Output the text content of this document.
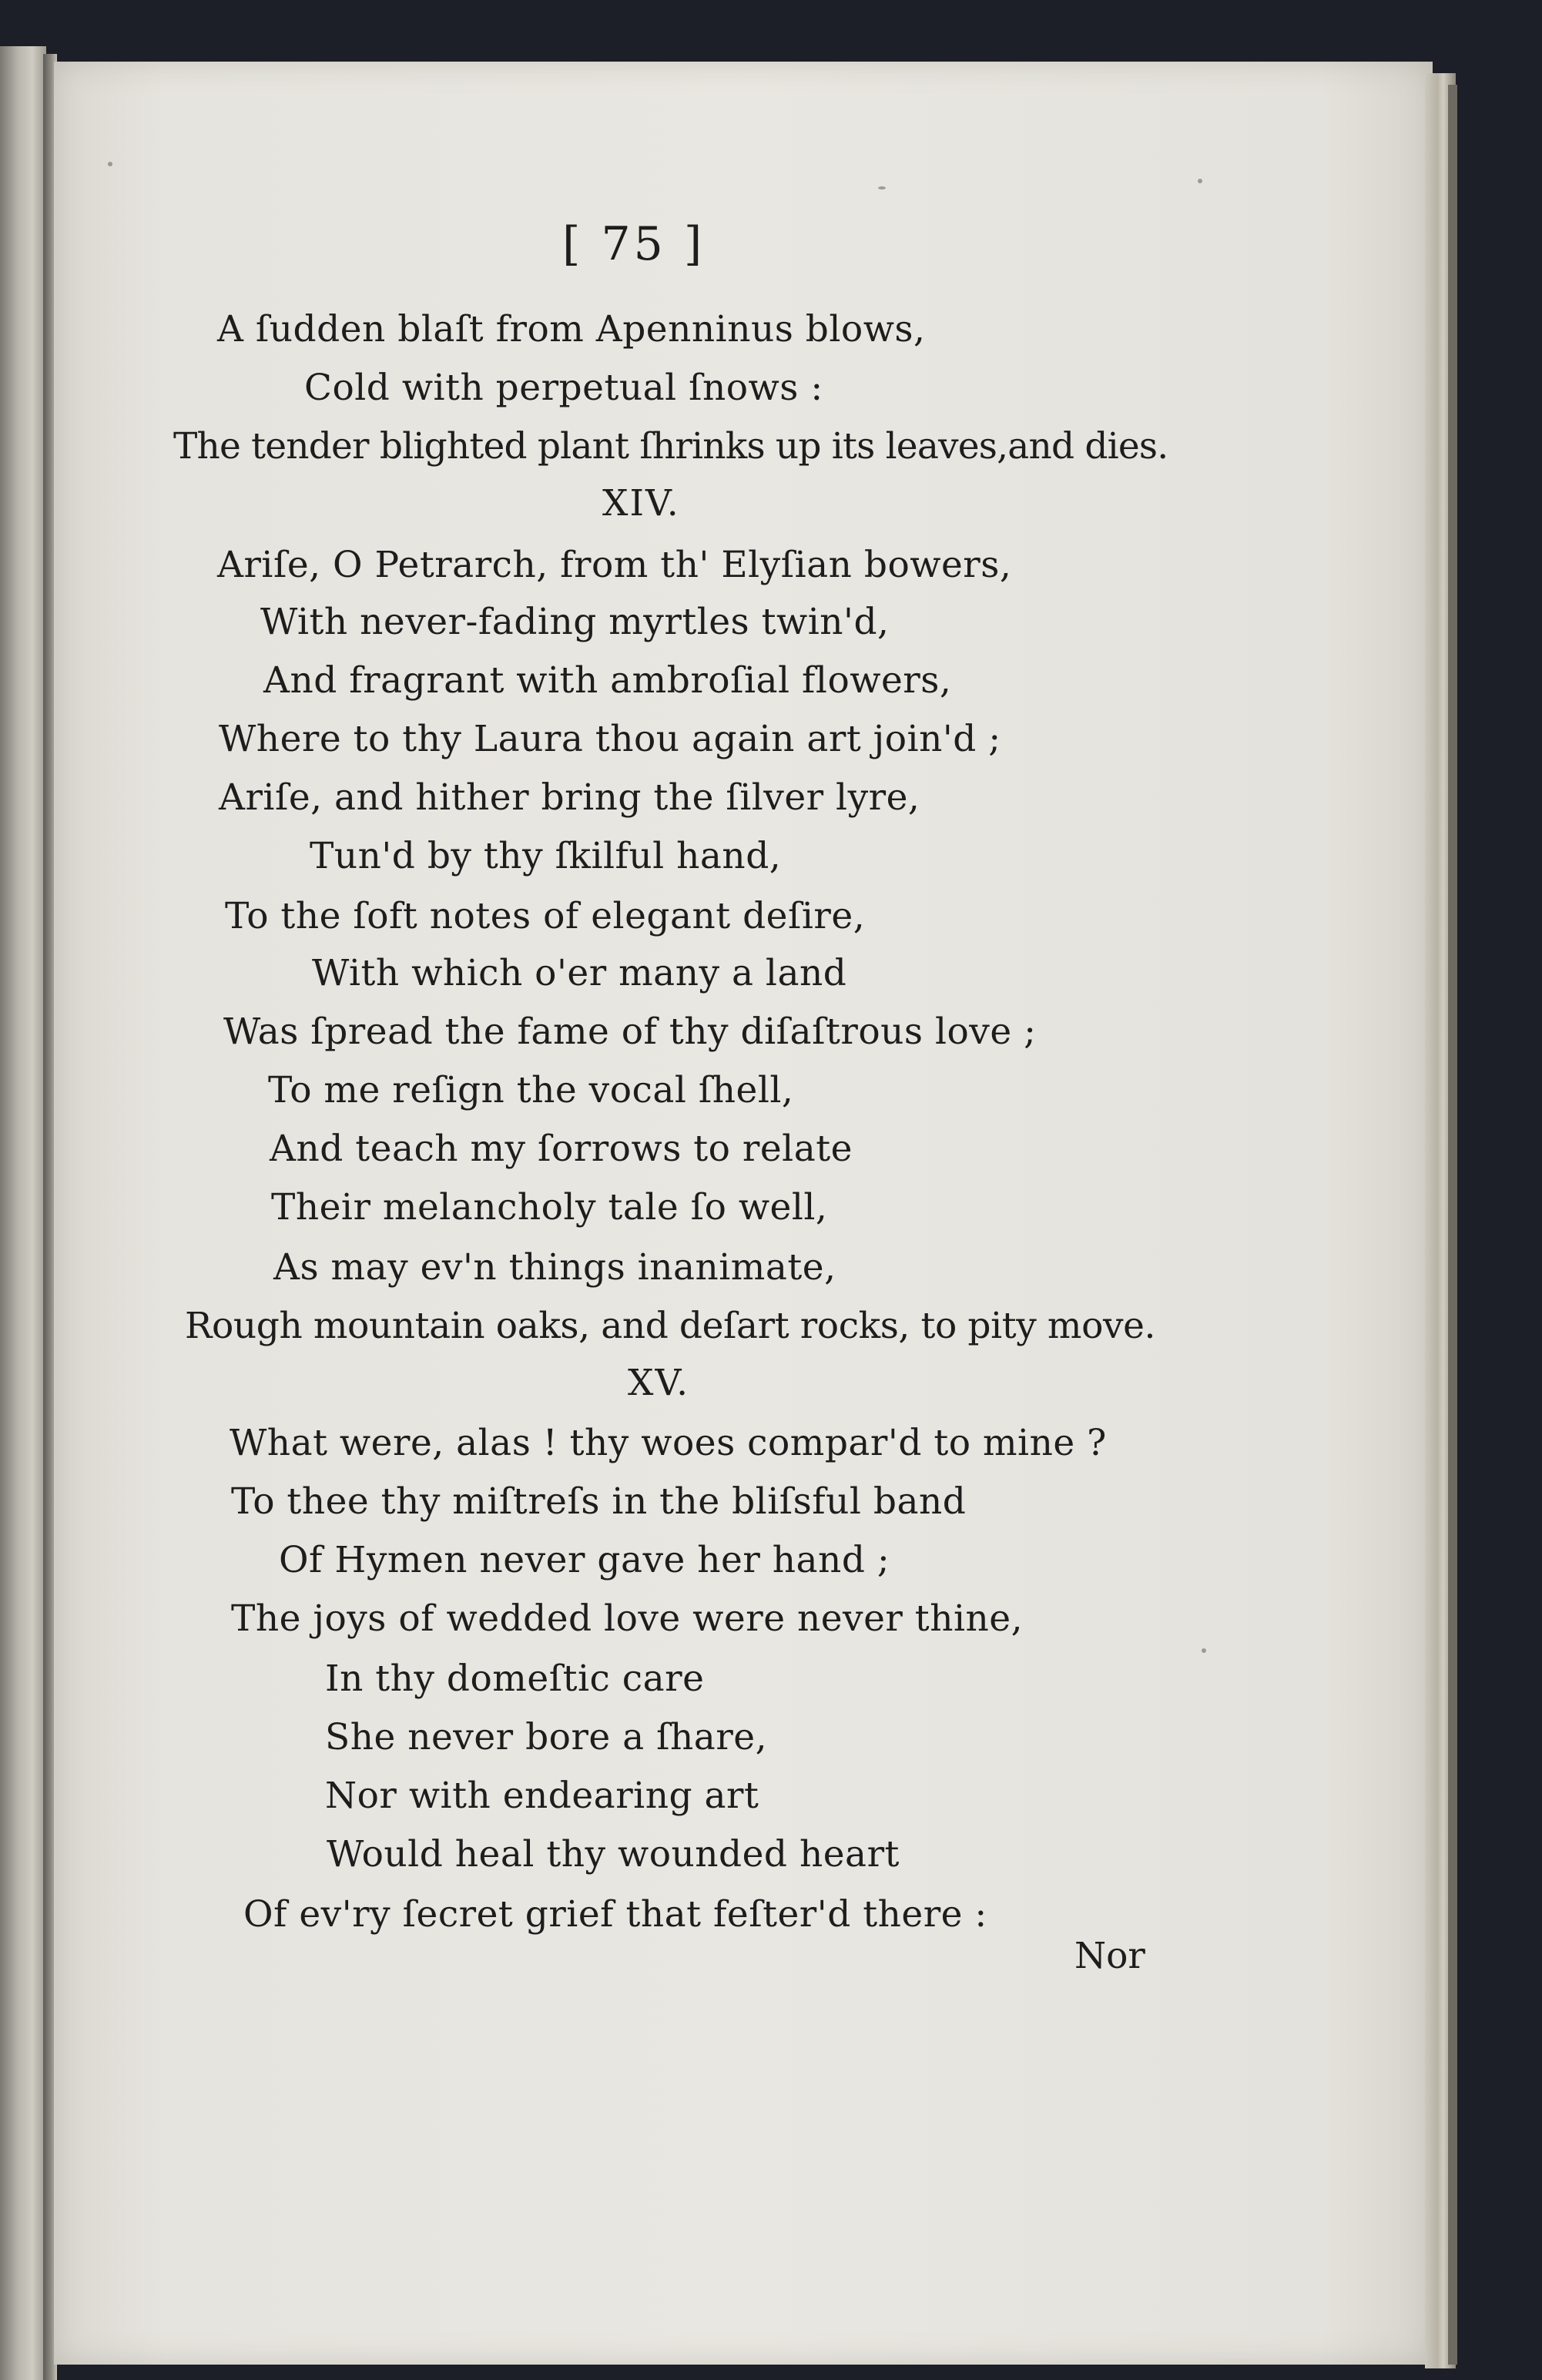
[ 75 ]
A ſudden blaſt from Apenninus blows,
Cold with perpetual ſnows :
The tender blighted plant ſhrinks up its leaves,and dies.
XIV.
Ariſe, O Petrarch, from th' Elyſian bowers,
With never-fading myrtles twin'd,
And fragrant with ambroſial flowers,
Where to thy Laura thou again art join'd ;
Ariſe, and hither bring the ſilver lyre,
Tun'd by thy ſkilful hand,
To the ſoft notes of elegant deſire,
With which o'er many a land
Was ſpread the fame of thy diſaſtrous love ;
To me reſign the vocal ſhell,
And teach my ſorrows to relate
Their melancholy tale ſo well,
As may ev'n things inanimate,
Rough mountain oaks, and deſart rocks, to pity move.
XV.
What were, alas ! thy woes compar'd to mine ?
To thee thy miſtreſs in the bliſsful band
Of Hymen never gave her hand ;
The joys of wedded love were never thine,
In thy domeſtic care
She never bore a ſhare,
Nor with endearing art
Would heal thy wounded heart
Of ev'ry ſecret grief that feſter'd there :
Nor
